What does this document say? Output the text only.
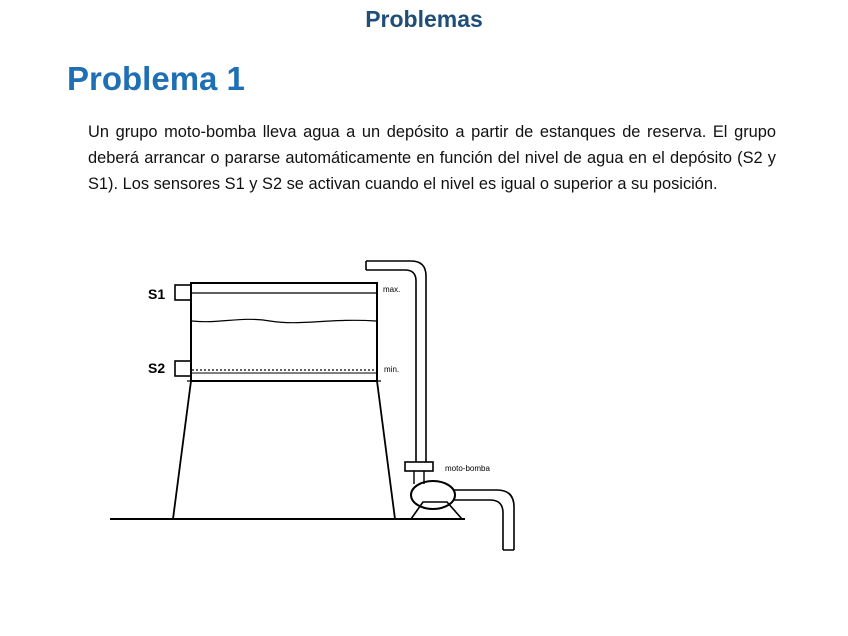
Problemas
Problema 1
Un grupo moto-bomba lleva agua a un depósito a partir de estanques de reserva. El grupo deberá arrancar o pararse automáticamente en función del nivel de agua en el depósito (S2 y S1). Los sensores S1 y S2 se activan cuando el nivel es igual o superior a su posición.
S1
S2
max.
min.
moto-bomba
